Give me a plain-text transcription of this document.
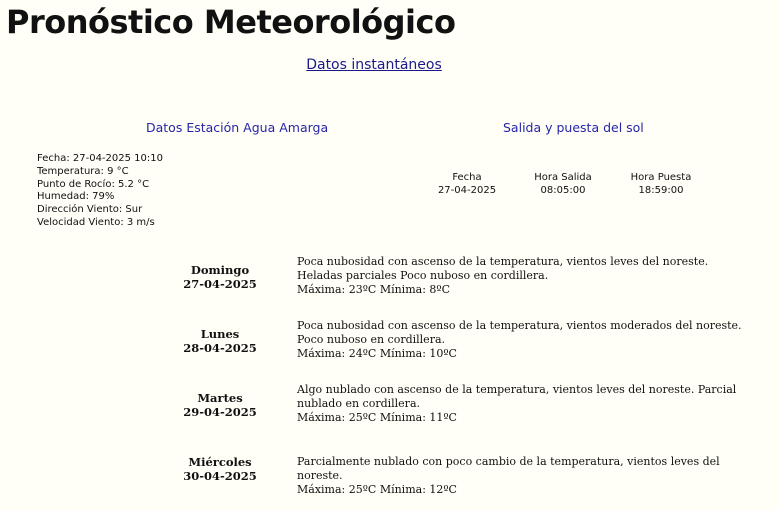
Pronóstico Meteorológico
Datos instantáneos
Datos Estación Agua Amarga	Salida y puesta del sol
Fecha: 27-04-2025 10:10
Temperatura: 9 °C
Punto de Rocío: 5.2 °C
Humedad: 79%
Dirección Viento: Sur
Velocidad Viento: 3 m/s
Fecha
27-04-2025
Hora Salida
08:05:00
Hora Puesta
18:59:00
Domingo
27-04-2025
Poca nubosidad con ascenso de la temperatura, vientos leves del noreste. Heladas parciales Poco nuboso en cordillera.
Máxima: 23ºC Mínima: 8ºC
Lunes
28-04-2025
Poca nubosidad con ascenso de la temperatura, vientos moderados del noreste. Poco nuboso en cordillera.
Máxima: 24ºC Mínima: 10ºC
Martes
29-04-2025
Algo nublado con ascenso de la temperatura, vientos leves del noreste. Parcial nublado en cordillera.
Máxima: 25ºC Mínima: 11ºC
Miércoles
30-04-2025
Parcialmente nublado con poco cambio de la temperatura, vientos leves del noreste.
Máxima: 25ºC Mínima: 12ºC
